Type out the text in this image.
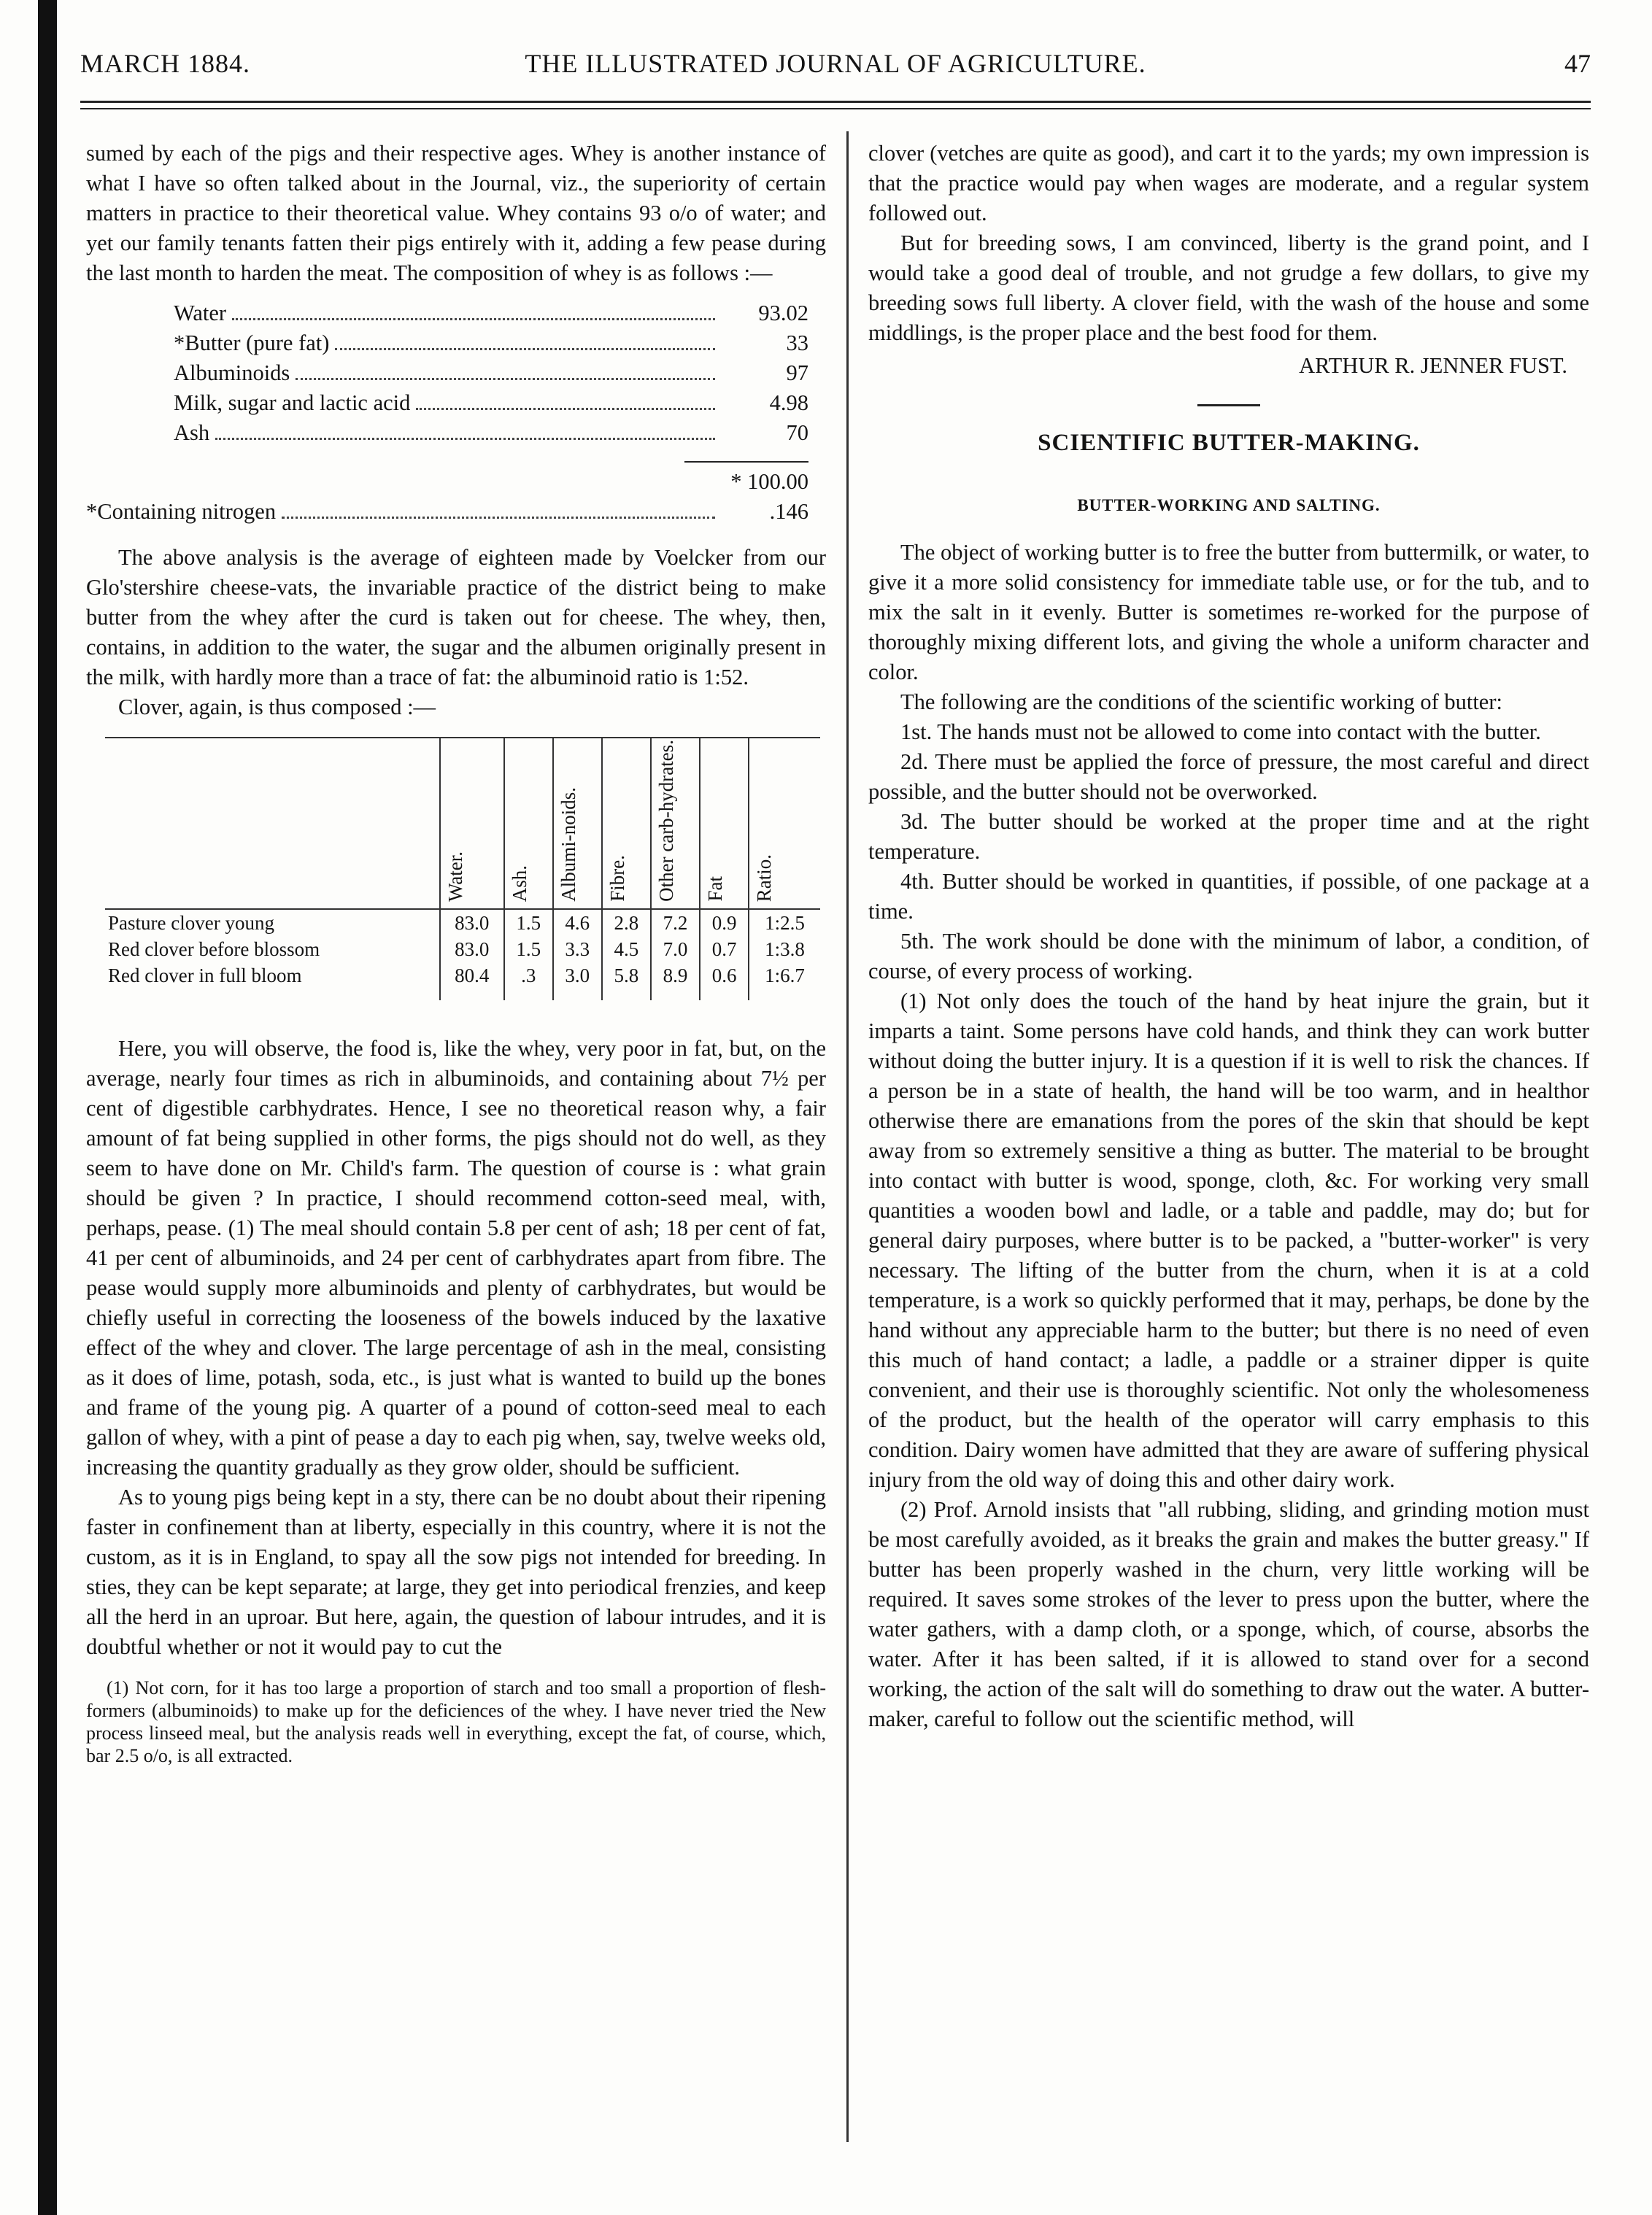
MARCH 1884.	THE ILLUSTRATED JOURNAL OF AGRICULTURE.	47

sumed by each of the pigs and their respective ages. Whey is another instance of what I have so often talked about in the Journal, viz., the superiority of certain matters in practice to their theoretical value. Whey contains 93 o/o of water; and yet our family tenants fatten their pigs entirely with it, adding a few pease during the last month to harden the meat. The composition of whey is as follows :—

Water	93.02
*Butter (pure fat)	33
Albuminoids	97
Milk, sugar and lactic acid	4.98
Ash	70
* 100.00
*Containing nitrogen	.146

The above analysis is the average of eighteen made by Voelcker from our Glo'stershire cheese-vats, the invariable practice of the district being to make butter from the whey after the curd is taken out for cheese. The whey, then, contains, in addition to the water, the sugar and the albumen originally present in the milk, with hardly more than a trace of fat: the albuminoid ratio is 1:52.

Clover, again, is thus composed :—

	Water.	Ash.	Albumi-noids.	Fibre.	Other carb-hydrates.	Fat	Ratio.
Pasture clover young	83.0	1.5	4.6	2.8	7.2	0.9	1:2.5
Red clover before blossom	83.0	1.5	3.3	4.5	7.0	0.7	1:3.8
Red clover in full bloom	80.4	.3	3.0	5.8	8.9	0.6	1:6.7

Here, you will observe, the food is, like the whey, very poor in fat, but, on the average, nearly four times as rich in albuminoids, and containing about 7½ per cent of digestible carbhydrates. Hence, I see no theoretical reason why, a fair amount of fat being supplied in other forms, the pigs should not do well, as they seem to have done on Mr. Child's farm. The question of course is : what grain should be given ? In practice, I should recommend cotton-seed meal, with, perhaps, pease. (1) The meal should contain 5.8 per cent of ash; 18 per cent of fat, 41 per cent of albuminoids, and 24 per cent of carbhydrates apart from fibre. The pease would supply more albuminoids and plenty of carbhydrates, but would be chiefly useful in correcting the looseness of the bowels induced by the laxative effect of the whey and clover. The large percentage of ash in the meal, consisting as it does of lime, potash, soda, etc., is just what is wanted to build up the bones and frame of the young pig. A quarter of a pound of cotton-seed meal to each gallon of whey, with a pint of pease a day to each pig when, say, twelve weeks old, increasing the quantity gradually as they grow older, should be sufficient.

As to young pigs being kept in a sty, there can be no doubt about their ripening faster in confinement than at liberty, especially in this country, where it is not the custom, as it is in England, to spay all the sow pigs not intended for breeding. In sties, they can be kept separate; at large, they get into periodical frenzies, and keep all the herd in an uproar. But here, again, the question of labour intrudes, and it is doubtful whether or not it would pay to cut the

(1) Not corn, for it has too large a proportion of starch and too small a proportion of flesh-formers (albuminoids) to make up for the deficiences of the whey. I have never tried the New process linseed meal, but the analysis reads well in everything, except the fat, of course, which, bar 2.5 o/o, is all extracted.

clover (vetches are quite as good), and cart it to the yards; my own impression is that the practice would pay when wages are moderate, and a regular system followed out.

But for breeding sows, I am convinced, liberty is the grand point, and I would take a good deal of trouble, and not grudge a few dollars, to give my breeding sows full liberty. A clover field, with the wash of the house and some middlings, is the proper place and the best food for them.

ARTHUR R. JENNER FUST.
SCIENTIFIC BUTTER-MAKING.
BUTTER-WORKING AND SALTING.

The object of working butter is to free the butter from buttermilk, or water, to give it a more solid consistency for immediate table use, or for the tub, and to mix the salt in it evenly. Butter is sometimes re-worked for the purpose of thoroughly mixing different lots, and giving the whole a uniform character and color.

The following are the conditions of the scientific working of butter:

1st. The hands must not be allowed to come into contact with the butter.

2d. There must be applied the force of pressure, the most careful and direct possible, and the butter should not be overworked.

3d. The butter should be worked at the proper time and at the right temperature.

4th. Butter should be worked in quantities, if possible, of one package at a time.

5th. The work should be done with the minimum of labor, a condition, of course, of every process of working.

(1) Not only does the touch of the hand by heat injure the grain, but it imparts a taint. Some persons have cold hands, and think they can work butter without doing the butter injury. It is a question if it is well to risk the chances. If a person be in a state of health, the hand will be too warm, and in healthor otherwise there are emanations from the pores of the skin that should be kept away from so extremely sensitive a thing as butter. The material to be brought into contact with butter is wood, sponge, cloth, &c. For working very small quantities a wooden bowl and ladle, or a table and paddle, may do; but for general dairy purposes, where butter is to be packed, a "butter-worker" is very necessary. The lifting of the butter from the churn, when it is at a cold temperature, is a work so quickly performed that it may, perhaps, be done by the hand without any appreciable harm to the butter; but there is no need of even this much of hand contact; a ladle, a paddle or a strainer dipper is quite convenient, and their use is thoroughly scientific. Not only the wholesomeness of the product, but the health of the operator will carry emphasis to this condition. Dairy women have admitted that they are aware of suffering physical injury from the old way of doing this and other dairy work.

(2) Prof. Arnold insists that "all rubbing, sliding, and grinding motion must be most carefully avoided, as it breaks the grain and makes the butter greasy." If butter has been properly washed in the churn, very little working will be required. It saves some strokes of the lever to press upon the butter, where the water gathers, with a damp cloth, or a sponge, which, of course, absorbs the water. After it has been salted, if it is allowed to stand over for a second working, the action of the salt will do something to draw out the water. A butter-maker, careful to follow out the scientific method, will
